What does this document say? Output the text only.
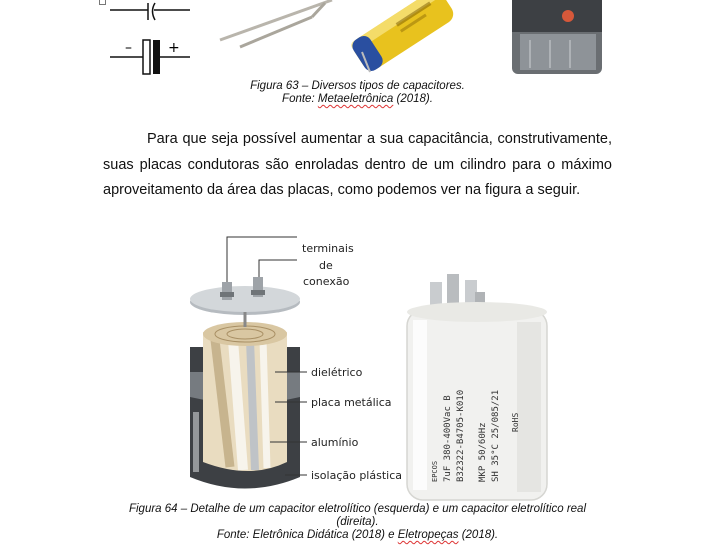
–	+
Figura 63 – Diversos tipos de capacitores.
Fonte: Metaeletrônica (2018).

Para que seja possível aumentar a sua capacitância, construtivamente, suas placas condutoras são enroladas dentro de um cilindro para o máximo aproveitamento da área das placas, como podemos ver na figura a seguir.

7uF 380-400Vac B B32322-B4705-K010 MKP 50/60Hz SH 35°C 25/085/21
EPCOS
RoHS
terminais
de
conexão
dielétrico
placa metálica
alumínio
isolação plástica
Figura 64 – Detalhe de um capacitor eletrolítico (esquerda) e um capacitor eletrolítico real
(direita).
Fonte: Eletrônica Didática (2018) e Eletropeças (2018).
